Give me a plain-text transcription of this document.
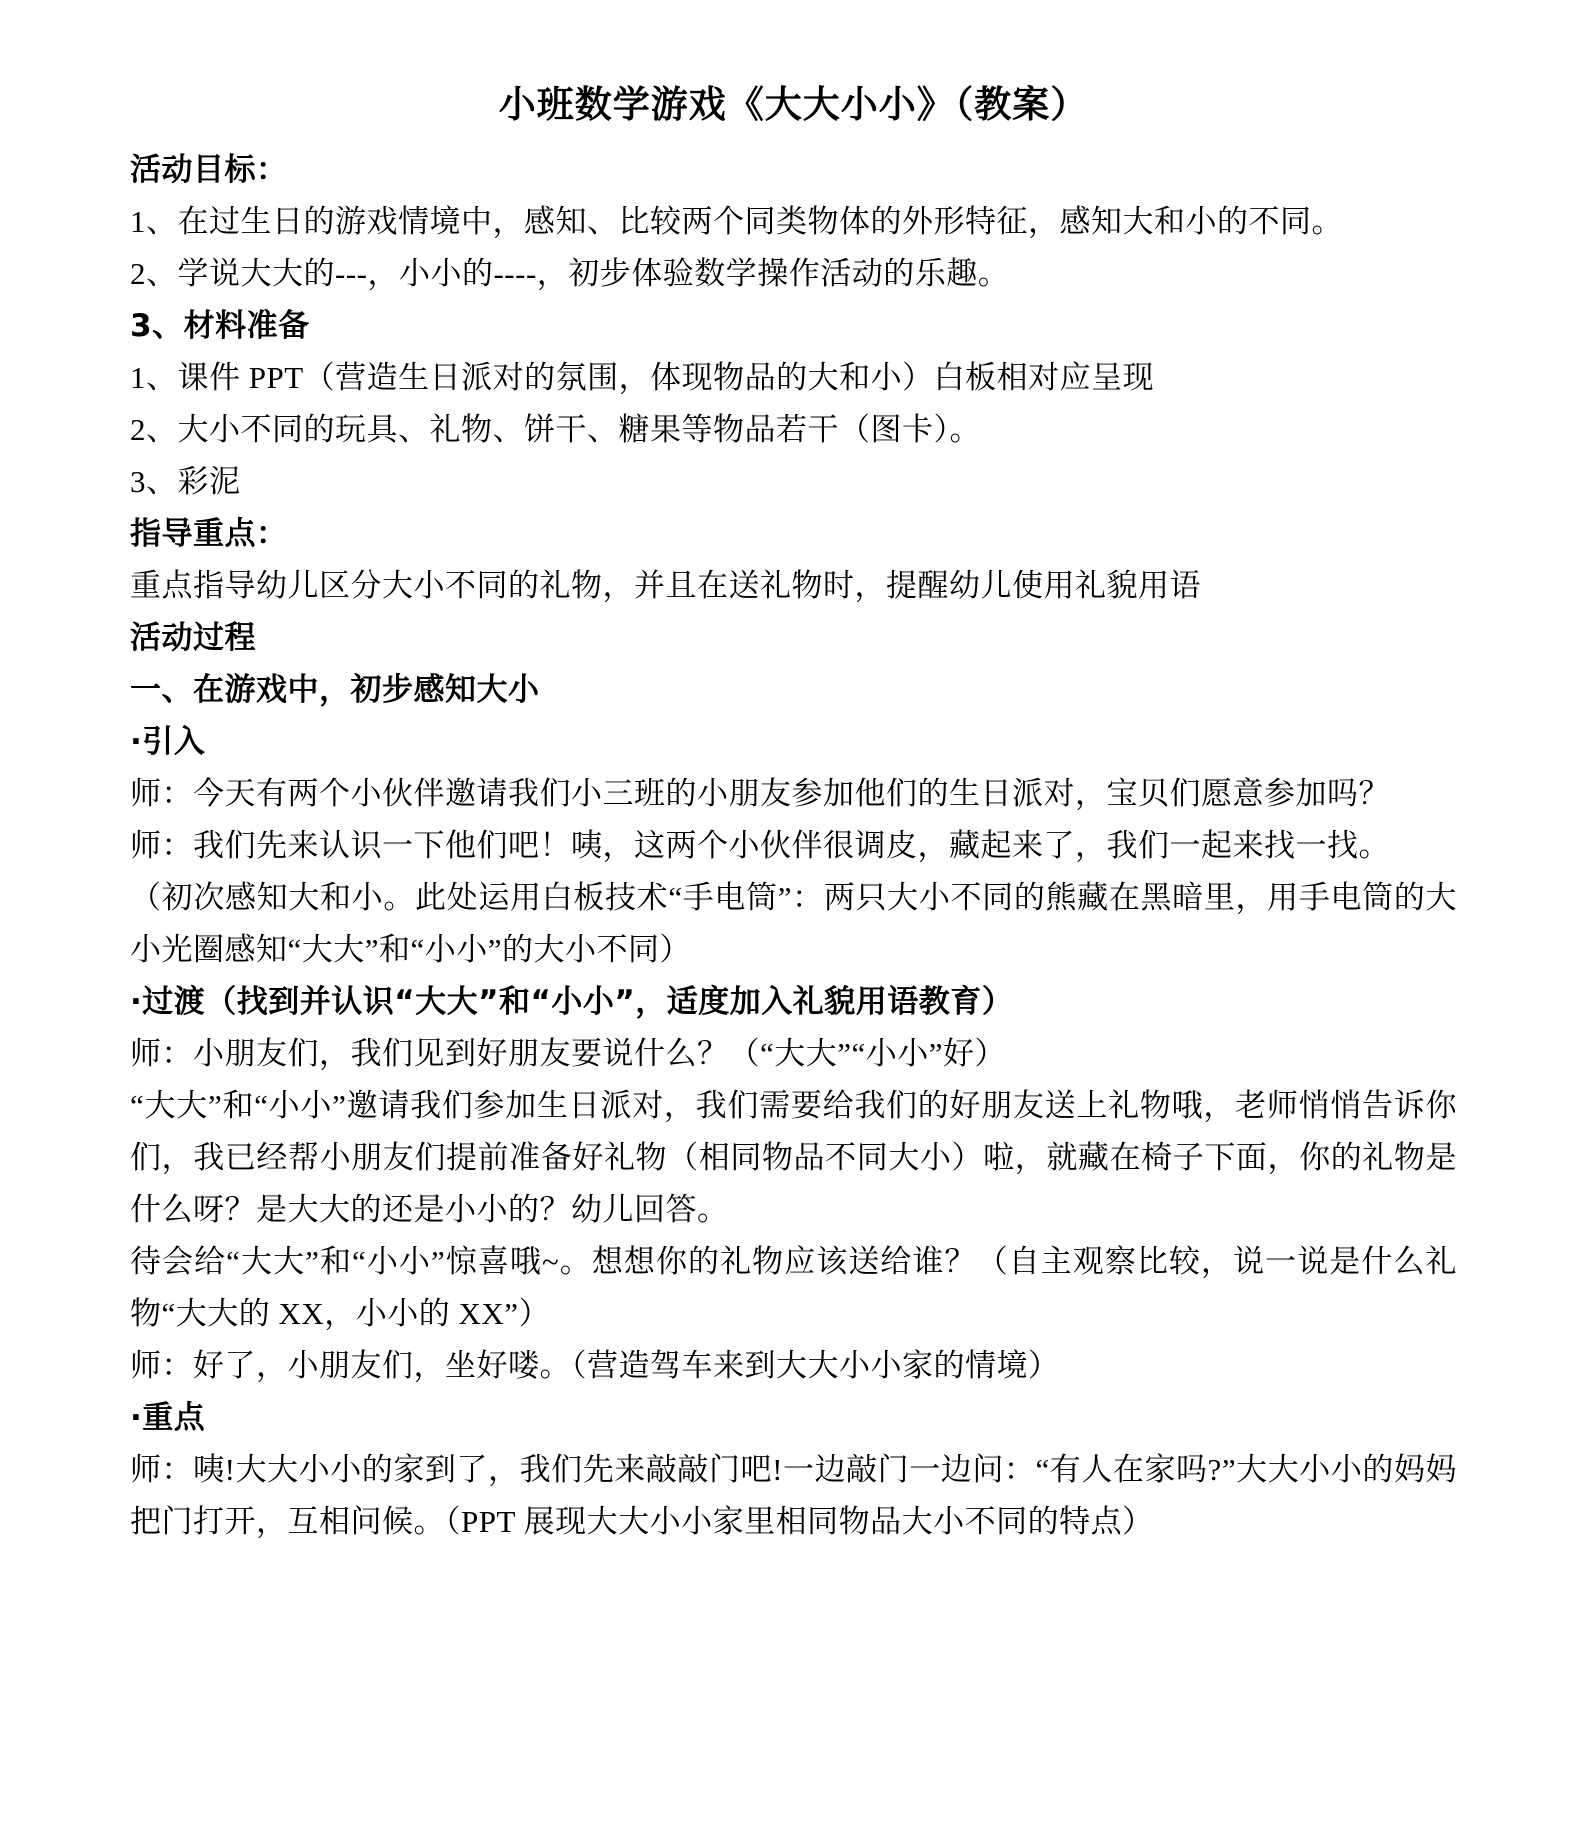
小班数学游戏《大大小小》（教案）

活动目标：

1、在过生日的游戏情境中，感知、比较两个同类物体的外形特征，感知大和小的不同。

2、学说大大的---，小小的----，初步体验数学操作活动的乐趣。

3、材料准备

1、课件 PPT（营造生日派对的氛围，体现物品的大和小）白板相对应呈现

2、大小不同的玩具、礼物、饼干、糖果等物品若干（图卡）。

3、彩泥

指导重点：

重点指导幼儿区分大小不同的礼物，并且在送礼物时，提醒幼儿使用礼貌用语

活动过程

一、在游戏中，初步感知大小

·引入

师：今天有两个小伙伴邀请我们小三班的小朋友参加他们的生日派对，宝贝们愿意参加吗？

师：我们先来认识一下他们吧！咦，这两个小伙伴很调皮，藏起来了，我们一起来找一找。

（初次感知大和小。此处运用白板技术“手电筒”：两只大小不同的熊藏在黑暗里，用手电筒的大小光圈感知“大大”和“小小”的大小不同）

·过渡（找到并认识“大大”和“小小”，适度加入礼貌用语教育）

师：小朋友们，我们见到好朋友要说什么？（“大大”“小小”好）

“大大”和“小小”邀请我们参加生日派对，我们需要给我们的好朋友送上礼物哦，老师悄悄告诉你们，我已经帮小朋友们提前准备好礼物（相同物品不同大小）啦，就藏在椅子下面，你的礼物是什么呀？是大大的还是小小的？幼儿回答。

待会给“大大”和“小小”惊喜哦~。想想你的礼物应该送给谁？（自主观察比较，说一说是什么礼物“大大的 XX，小小的 XX”）

师：好了，小朋友们，坐好喽。（营造驾车来到大大小小家的情境）

·重点

师：咦!大大小小的家到了，我们先来敲敲门吧!一边敲门一边问：“有人在家吗?”大大小小的妈妈把门打开，互相问候。（PPT 展现大大小小家里相同物品大小不同的特点）
